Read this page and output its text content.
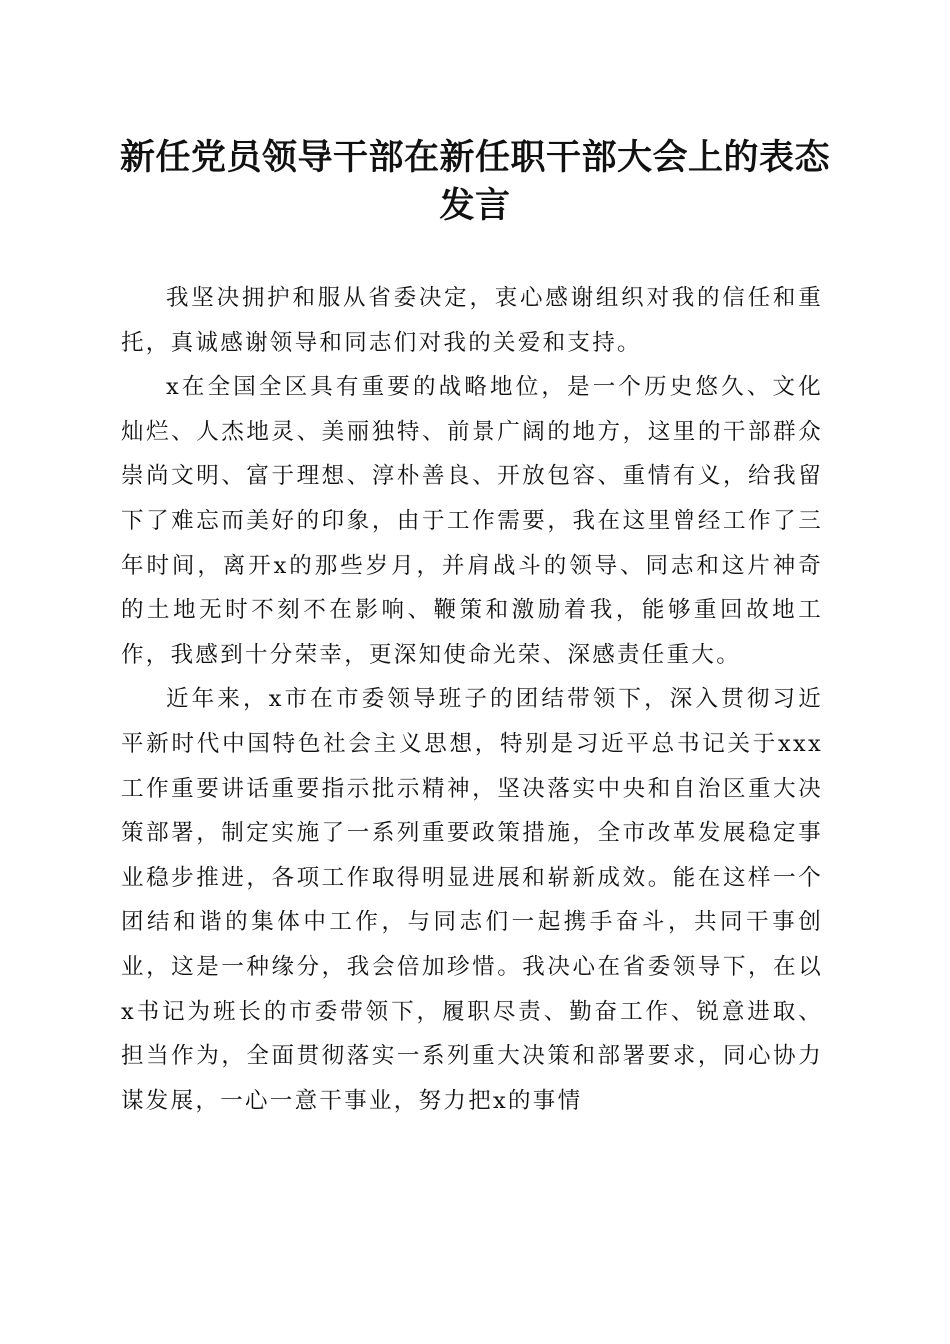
新任党员领导干部在新任职干部大会上的表态发言

我坚决拥护和服从省委决定，衷心感谢组织对我的信任和重托，真诚感谢领导和同志们对我的关爱和支持。

x在全国全区具有重要的战略地位，是一个历史悠久、文化灿烂、人杰地灵、美丽独特、前景广阔的地方，这里的干部群众崇尚文明、富于理想、淳朴善良、开放包容、重情有义，给我留下了难忘而美好的印象，由于工作需要，我在这里曾经工作了三年时间，离开x的那些岁月，并肩战斗的领导、同志和这片神奇的土地无时不刻不在影响、鞭策和激励着我，能够重回故地工作，我感到十分荣幸，更深知使命光荣、深感责任重大。

近年来，x市在市委领导班子的团结带领下，深入贯彻习近平新时代中国特色社会主义思想，特别是习近平总书记关于xxx工作重要讲话重要指示批示精神，坚决落实中央和自治区重大决策部署，制定实施了一系列重要政策措施，全市改革发展稳定事业稳步推进，各项工作取得明显进展和崭新成效。能在这样一个团结和谐的集体中工作，与同志们一起携手奋斗，共同干事创业，这是一种缘分，我会倍加珍惜。我决心在省委领导下，在以x书记为班长的市委带领下，履职尽责、勤奋工作、锐意进取、担当作为，全面贯彻落实一系列重大决策和部署要求，同心协力谋发展，一心一意干事业，努力把x的事情
